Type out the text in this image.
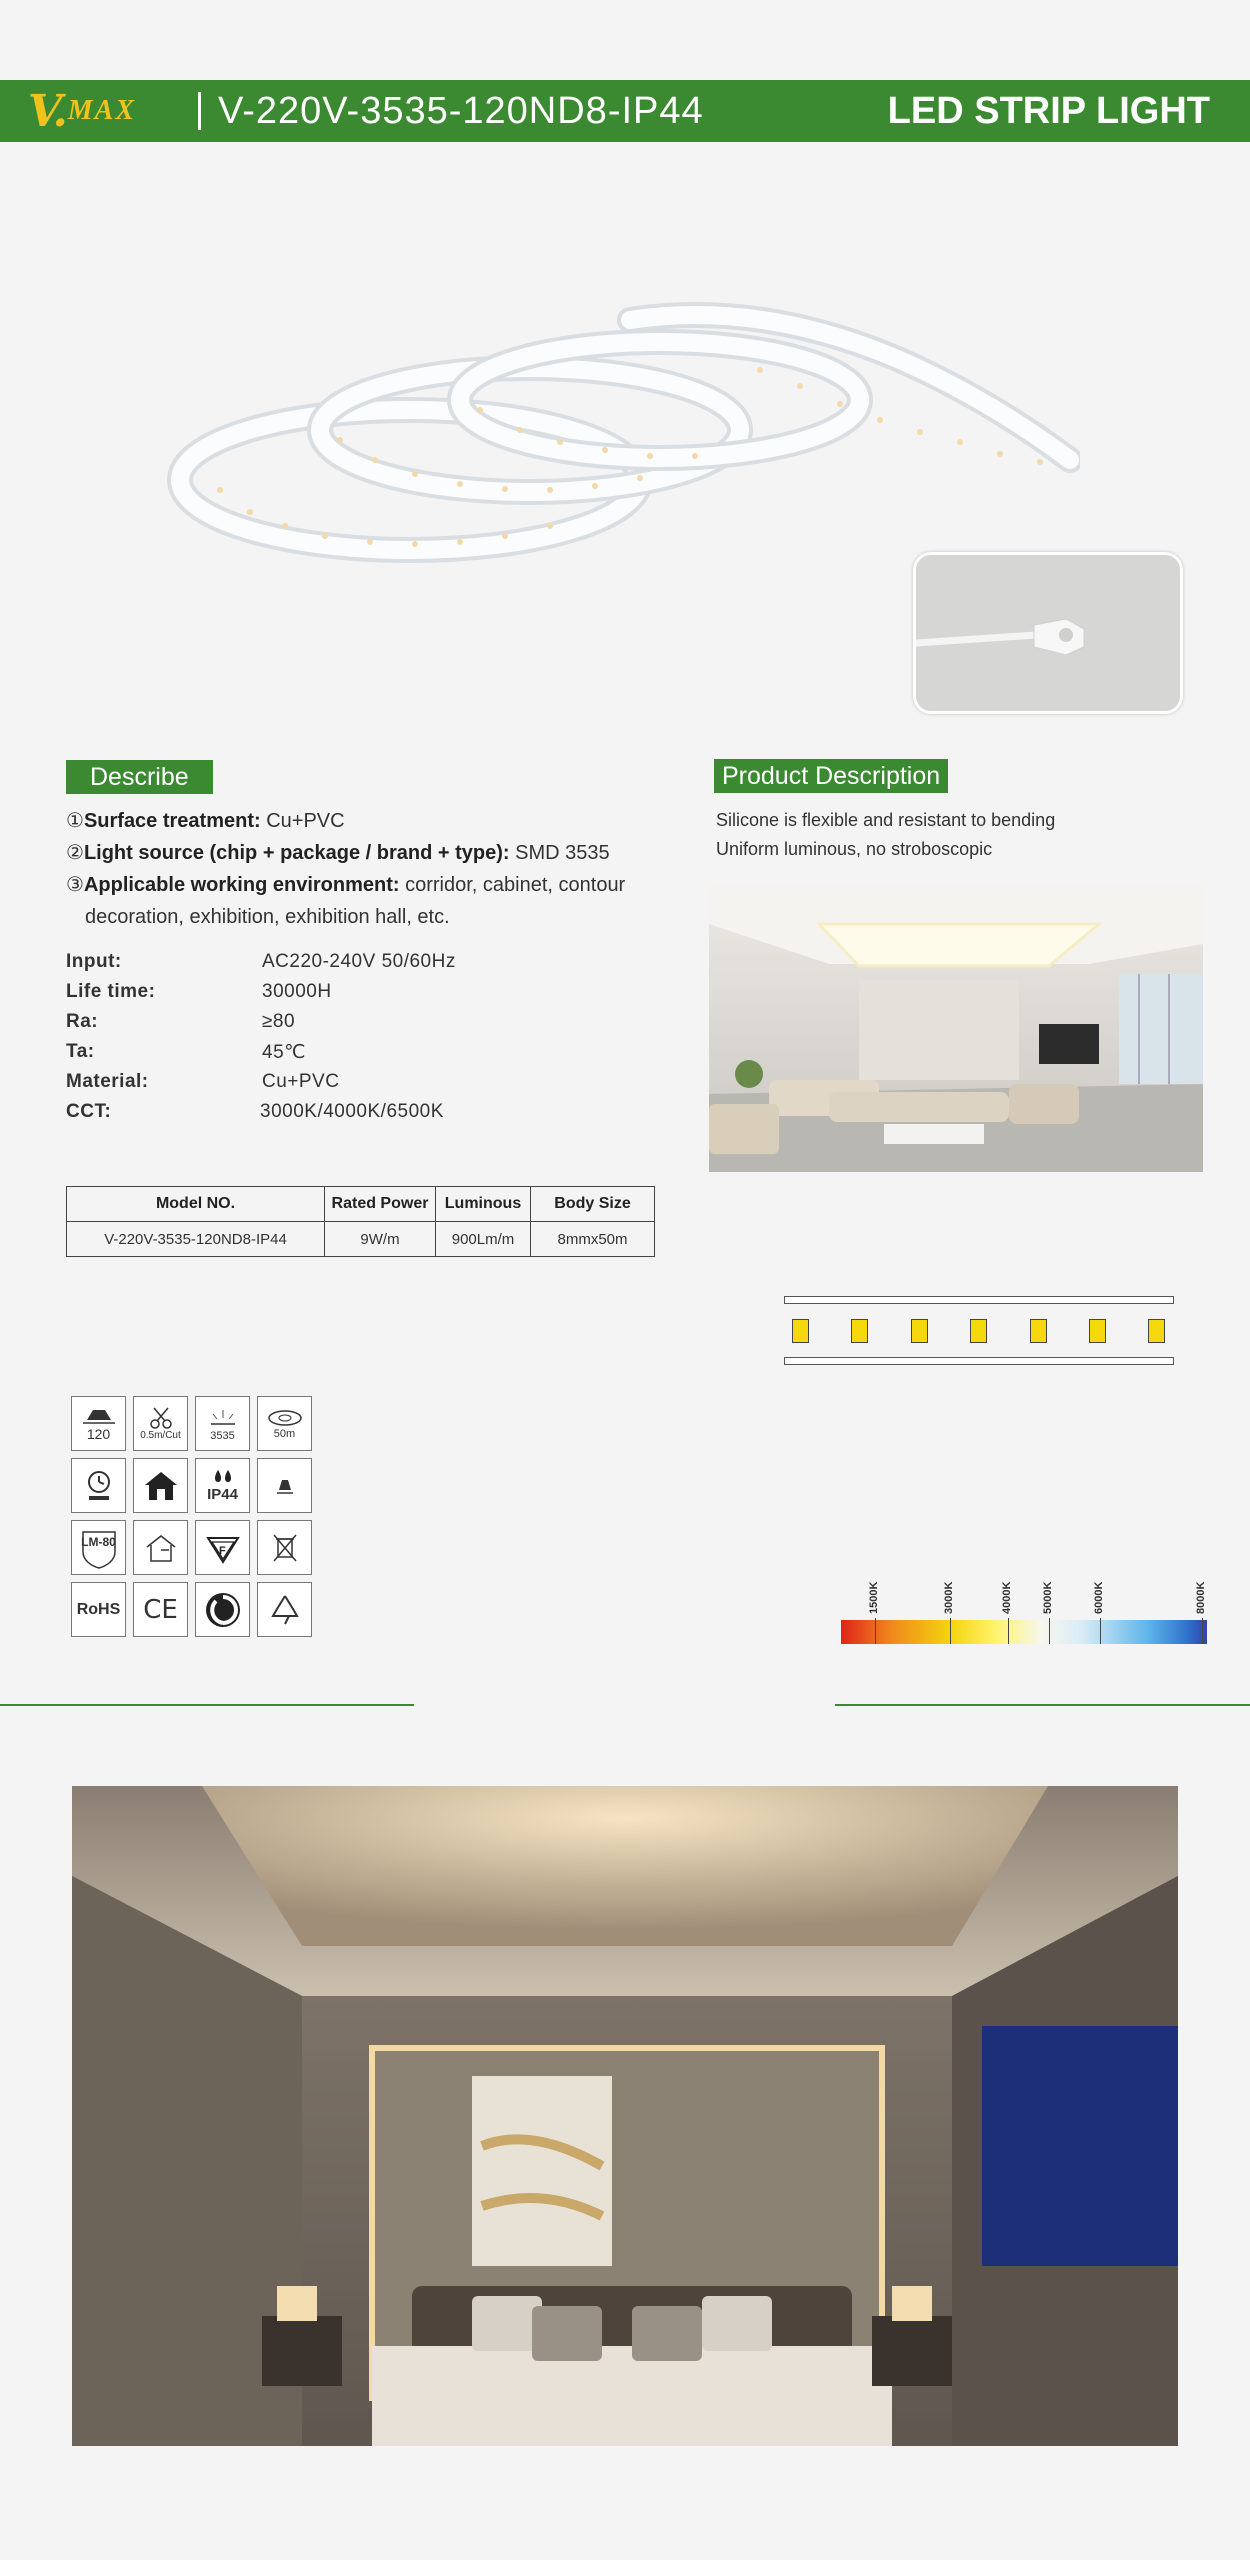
V. MAX V-220V-3535-120ND8-IP44	LED STRIP LIGHT
Describe
①Surface treatment: Cu+PVC
②Light source (chip + package / brand + type): SMD 3535
③Applicable working environment: corridor, cabinet, contour
decoration, exhibition, exhibition hall, etc.
Input:	AC220-240V 50/60Hz
Life time:	30000H
Ra:	≥80
Ta:	45℃
Material:	Cu+PVC
CCT:	3000K/4000K/6500K
Product Description
Silicone is flexible and resistant to bending
Uniform luminous, no stroboscopic
Model NO.	Rated Power	Luminous	Body Size
V-220V-3535-120ND8-IP44	9W/m	900Lm/m	8mmx50m
120	0.5m/Cut	3535	50m
IP44
LM-80
F
RoHS CE	1500K	3000K	4000K	5000K	6000K	8000K
